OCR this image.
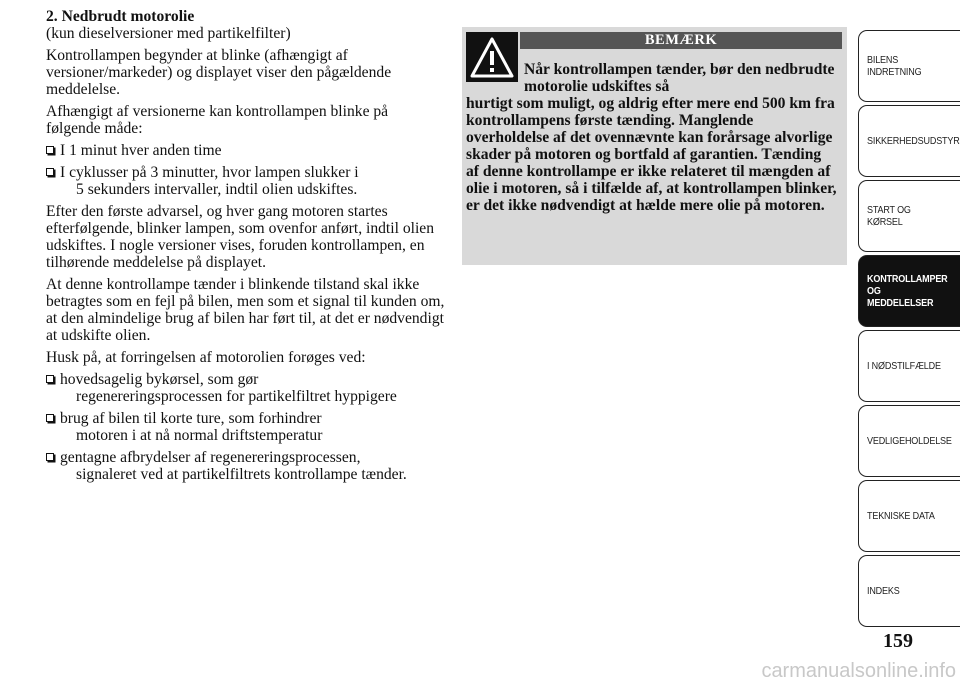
2. Nedbrudt motorolie

(kun dieselversioner med partikelfilter)

Kontrollampen begynder at blinke (afhængigt af versioner/markeder) og displayet viser den pågældende meddelelse.

Afhængigt af versionerne kan kontrollampen blinke på følgende måde:

I 1 minut hver anden time
I cyklusser på 3 minutter, hvor lampen slukker i
5 sekunders intervaller, indtil olien udskiftes.

Efter den første advarsel, og hver gang motoren startes efterfølgende, blinker lampen, som ovenfor anført, indtil olien udskiftes. I nogle versioner vises, foruden kontrollampen, en tilhørende meddelelse på displayet.

At denne kontrollampe tænder i blinkende tilstand skal ikke betragtes som en fejl på bilen, men som et signal til kunden om, at den almindelige brug af bilen har ført til, at det er nødvendigt at udskifte olien.

Husk på, at forringelsen af motorolien forøges ved:

hovedsagelig bykørsel, som gør
regenereringsprocessen for partikelfiltret hyppigere
brug af bilen til korte ture, som forhindrer
motoren i at nå normal driftstemperatur
gentagne afbrydelser af regenereringsprocessen,
signaleret ved at partikelfiltrets kontrollampe tænder.
BEMÆRK
Når kontrollampen tænder, bør den nedbrudte motorolie udskiftes så
hurtigt som muligt, og aldrig efter mere end 500 km fra kontrollampens første tænding. Manglende overholdelse af det ovennævnte kan forårsage alvorlige skader på motoren og bortfald af garantien. Tænding af denne kontrollampe er ikke relateret til mængden af olie i motoren, så i tilfælde af, at kontrollampen blinker, er det ikke nødvendigt at hælde mere olie på motoren.
BILENS
INDRETNING
SIKKERHEDSUDSTYR
START OG KØRSEL
KONTROLLAMPER
OG MEDDELELSER
I NØDSTILFÆLDE
VEDLIGEHOLDELSE
TEKNISKE DATA
INDEKS
159
carmanualsonline.info
